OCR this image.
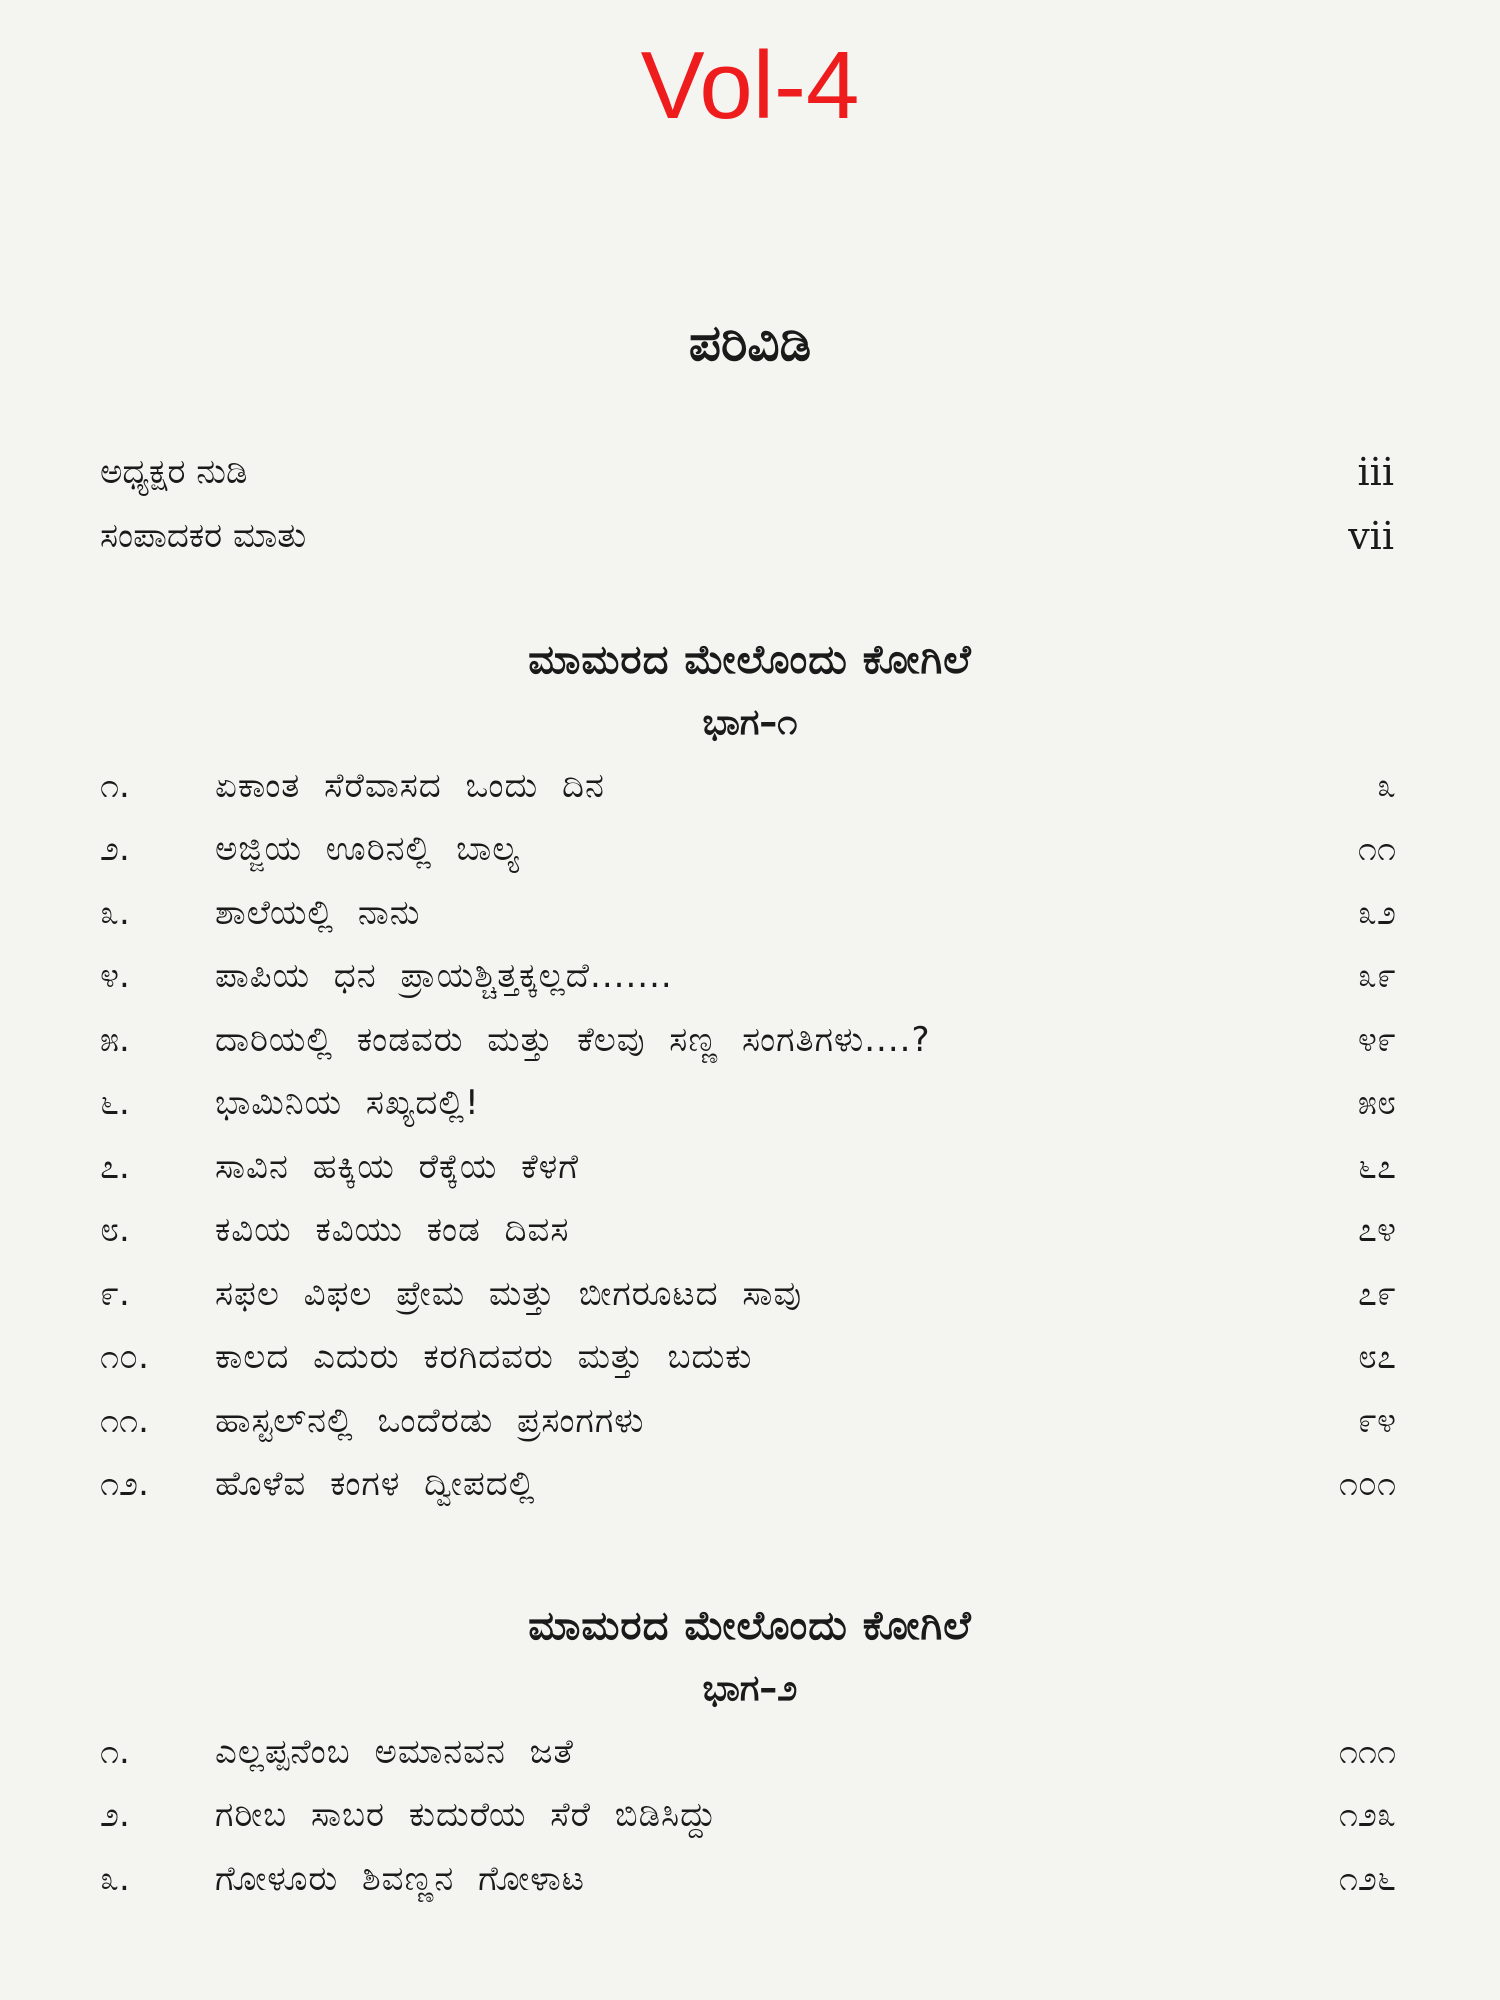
Vol-4
ಪರಿವಿಡಿ
ಅಧ್ಯಕ್ಷರ ನುಡಿ	iii
ಸಂಪಾದಕರ ಮಾತು	vii
ಮಾಮರದ ಮೇಲೊಂದು ಕೋಗಿಲೆ
ಭಾಗ–೧
೧.	ಏಕಾಂತ ಸೆರೆವಾಸದ ಒಂದು ದಿನ	೩
೨.	ಅಜ್ಜಿಯ ಊರಿನಲ್ಲಿ ಬಾಲ್ಯ	೧೧
೩.	ಶಾಲೆಯಲ್ಲಿ ನಾನು	೩೨
೪.	ಪಾಪಿಯ ಧನ ಪ್ರಾಯಶ್ಚಿತ್ತಕ್ಕಲ್ಲದೆ.......	೩೯
೫.	ದಾರಿಯಲ್ಲಿ ಕಂಡವರು ಮತ್ತು ಕೆಲವು ಸಣ್ಣ ಸಂಗತಿಗಳು....?	೪೯
೬.	ಭಾಮಿನಿಯ ಸಖ್ಯದಲ್ಲಿ!	೫೮
೭.	ಸಾವಿನ ಹಕ್ಕಿಯ ರೆಕ್ಕೆಯ ಕೆಳಗೆ	೬೭
೮.	ಕವಿಯ ಕವಿಯು ಕಂಡ ದಿವಸ	೭೪
೯.	ಸಫಲ ವಿಫಲ ಪ್ರೇಮ ಮತ್ತು ಬೀಗರೂಟದ ಸಾವು	೭೯
೧೦.	ಕಾಲದ ಎದುರು ಕರಗಿದವರು ಮತ್ತು ಬದುಕು	೮೭
೧೧.	ಹಾಸ್ಟಲ್‌ನಲ್ಲಿ ಒಂದೆರಡು ಪ್ರಸಂಗಗಳು	೯೪
೧೨.	ಹೊಳೆವ ಕಂಗಳ ದ್ವೀಪದಲ್ಲಿ	೧೦೧
ಮಾಮರದ ಮೇಲೊಂದು ಕೋಗಿಲೆ
ಭಾಗ–೨
೧.	ಎಲ್ಲಪ್ಪನೆಂಬ ಅಮಾನವನ ಜತೆ	೧೧೧
೨.	ಗರೀಬ ಸಾಬರ ಕುದುರೆಯ ಸೆರೆ ಬಿಡಿಸಿದ್ದು	೧೨೩
೩.	ಗೋಳೂರು ಶಿವಣ್ಣನ ಗೋಳಾಟ	೧೨೬
